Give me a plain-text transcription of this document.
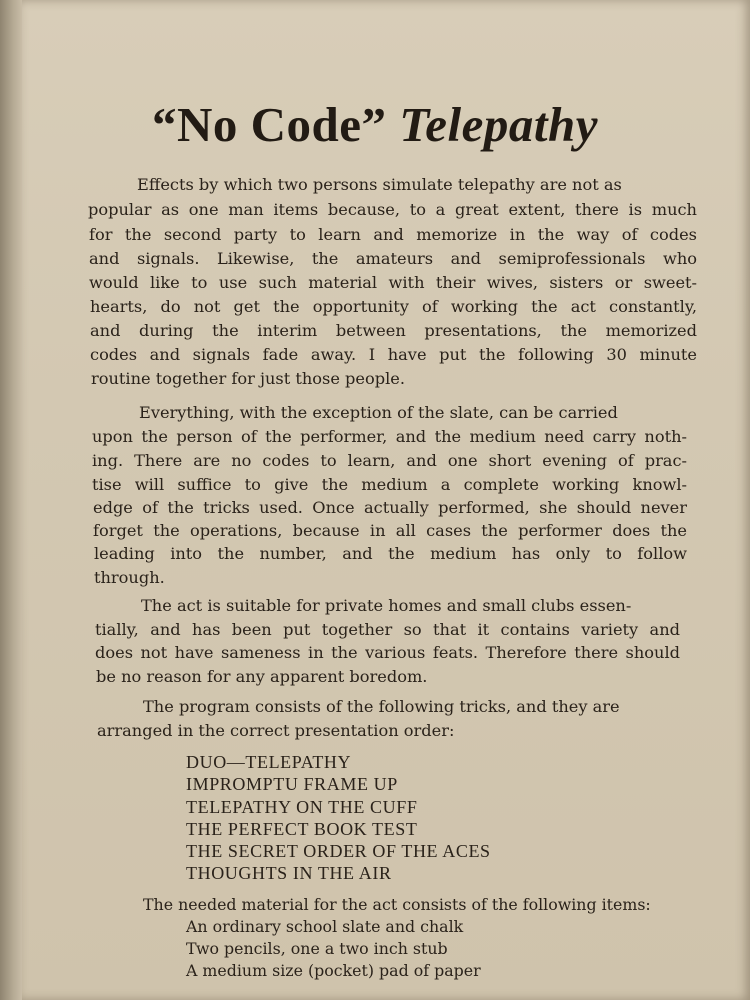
“No Code” Telepathy
Effects by which two persons simulate telepathy are not as
popular as one man items because, to a great extent, there is much
for the second party to learn and memorize in the way of codes
and signals. Likewise, the amateurs and semiprofessionals who
would like to use such material with their wives, sisters or sweet-
hearts, do not get the opportunity of working the act constantly,
and during the interim between presentations, the memorized
codes and signals fade away. I have put the following 30 minute
routine together for just those people.
Everything, with the exception of the slate, can be carried
upon the person of the performer, and the medium need carry noth-
ing. There are no codes to learn, and one short evening of prac-
tise will suffice to give the medium a complete working knowl-
edge of the tricks used. Once actually performed, she should never
forget the operations, because in all cases the performer does the
leading into the number, and the medium has only to follow
through.
The act is suitable for private homes and small clubs essen-
tially, and has been put together so that it contains variety and
does not have sameness in the various feats. Therefore there should
be no reason for any apparent boredom.
The program consists of the following tricks, and they are
arranged in the correct presentation order:
DUO—TELEPATHY
IMPROMPTU FRAME UP
TELEPATHY ON THE CUFF
THE PERFECT BOOK TEST
THE SECRET ORDER OF THE ACES
THOUGHTS IN THE AIR
The needed material for the act consists of the following items:
An ordinary school slate and chalk
Two pencils, one a two inch stub
A medium size (pocket) pad of paper
